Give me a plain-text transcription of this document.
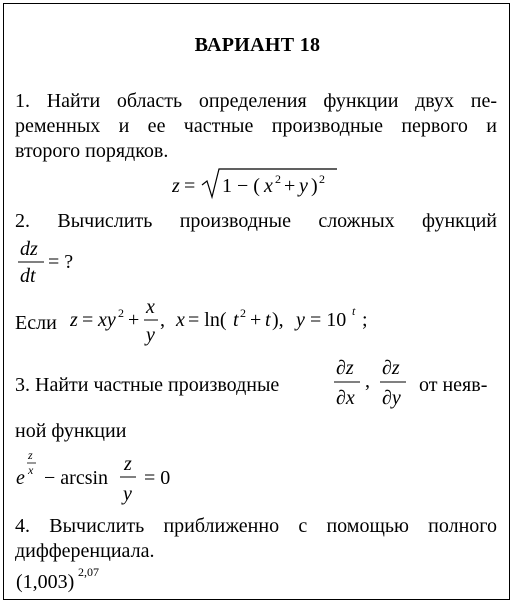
ВАРИАНТ 18
1. Найти область определения функции двух пе-
ременных и ее частные производные первого и
второго порядков.
z = 1 − ( x 2 + y ) 2
2. Вычислить производные сложных функций
dz
dt
= ?
Если z = xy 2 +
x
y
, x = ln( t 2 + t ), y = 10 t ;
3. Найти частные производные
∂z
∂x
,
∂z
∂y
от неяв-
ной функции
e
z
x − arcsin
z
y
= 0
4. Вычислить приближенно с помощью полного
дифференциала.
(1,003) 2,07
